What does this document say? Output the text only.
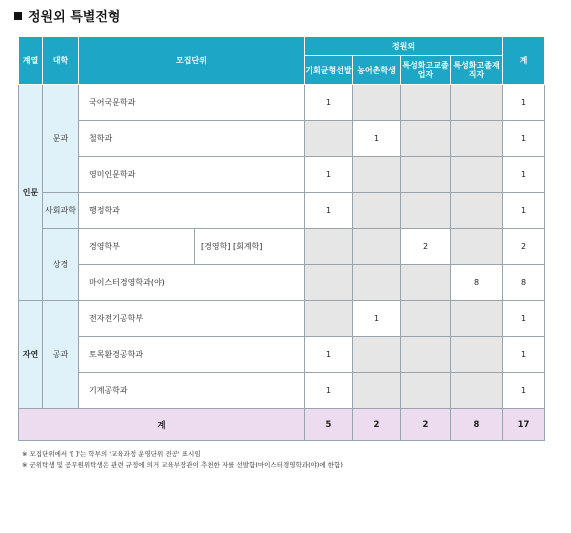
정원외 특별전형
계열	대학	모집단위		정원외				계
				기회균형선발	농어촌학생	특성화고교졸업자	특성화고졸재직자	
인문	문과	국어국문학과		1				1
		철학과			1			1
		영미인문학과		1				1
	사회과학	행정학과		1				1
	상경	경영학부	[경영학] [회계학]			2		2
		마이스터경영학과(야)					8	8
자연	공과	전자전기공학부			1			1
		토목환경공학과		1				1
		기계공학과		1				1
계				5	2	2	8	17
※ 모집단위에서 '[ ]'는 학부의 '교육과정 운영단위 전공' 표시임
※ 군위탁생 및 공무원위탁생은 관련 규정에 의거 교육부장관이 추천한 자를 선발함(마이스터경영학과(야)에 한함)
